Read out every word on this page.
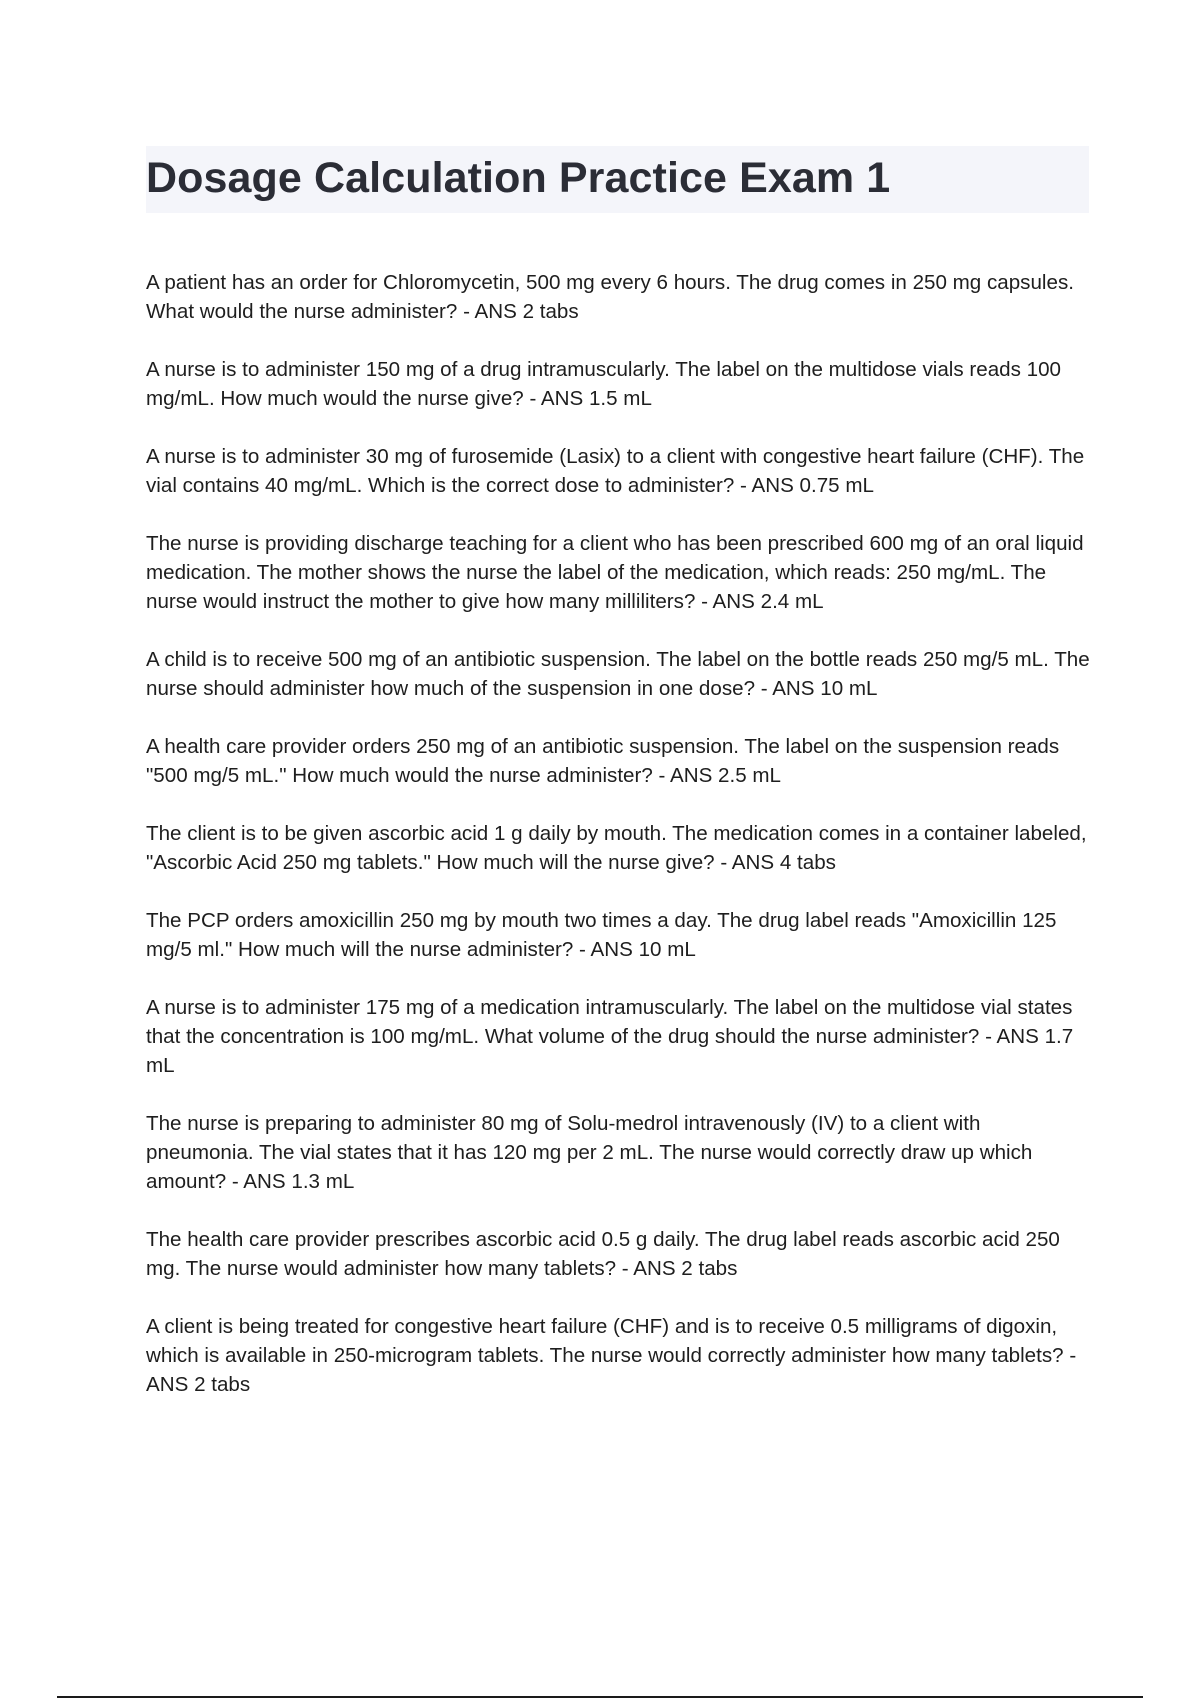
Dosage Calculation Practice Exam 1

A patient has an order for Chloromycetin, 500 mg every 6 hours. The drug comes in 250 mg capsules. What would the nurse administer? - ANS 2 tabs

A nurse is to administer 150 mg of a drug intramuscularly. The label on the multidose vials reads 100 mg/mL. How much would the nurse give? - ANS 1.5 mL

A nurse is to administer 30 mg of furosemide (Lasix) to a client with congestive heart failure (CHF). The vial contains 40 mg/mL. Which is the correct dose to administer? - ANS 0.75 mL

The nurse is providing discharge teaching for a client who has been prescribed 600 mg of an oral liquid medication. The mother shows the nurse the label of the medication, which reads: 250 mg/mL. The nurse would instruct the mother to give how many milliliters? - ANS 2.4 mL

A child is to receive 500 mg of an antibiotic suspension. The label on the bottle reads 250 mg/5 mL. The nurse should administer how much of the suspension in one dose? - ANS 10 mL

A health care provider orders 250 mg of an antibiotic suspension. The label on the suspension reads "500 mg/5 mL." How much would the nurse administer? - ANS 2.5 mL

The client is to be given ascorbic acid 1 g daily by mouth. The medication comes in a container labeled, "Ascorbic Acid 250 mg tablets." How much will the nurse give? - ANS 4 tabs

The PCP orders amoxicillin 250 mg by mouth two times a day. The drug label reads "Amoxicillin 125 mg/5 ml." How much will the nurse administer? - ANS 10 mL

A nurse is to administer 175 mg of a medication intramuscularly. The label on the multidose vial states that the concentration is 100 mg/mL. What volume of the drug should the nurse administer? - ANS 1.7 mL

The nurse is preparing to administer 80 mg of Solu-medrol intravenously (IV) to a client with pneumonia. The vial states that it has 120 mg per 2 mL. The nurse would correctly draw up which amount? - ANS 1.3 mL

The health care provider prescribes ascorbic acid 0.5 g daily. The drug label reads ascorbic acid 250 mg. The nurse would administer how many tablets? - ANS 2 tabs

A client is being treated for congestive heart failure (CHF) and is to receive 0.5 milligrams of digoxin, which is available in 250-microgram tablets. The nurse would correctly administer how many tablets? - ANS 2 tabs
